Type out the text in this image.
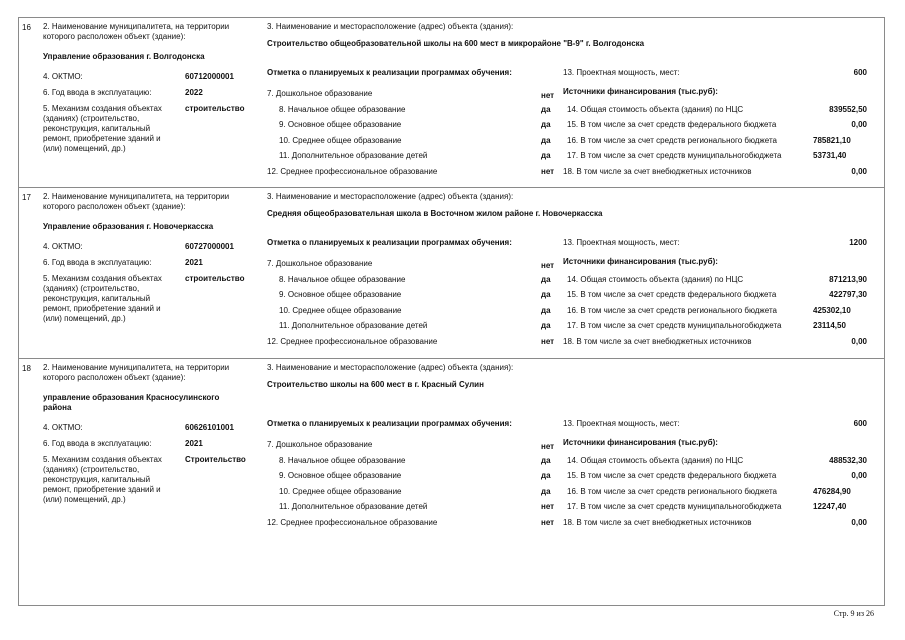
16 2. Наименование муниципалитета, на территории которого расположен объект (здание):
Управление образования г. Волгодонска
4. ОКТМО:	60712000001
6. Год ввода в эксплуатацию:	2022
5. Механизм создания объектах (зданиях) (строительство, реконструкция, капитальный ремонт, приобретение зданий и (или) помещений, др.)
строительство
3. Наименование и месторасположение (адрес) объекта (здания):
Строительство общеобразовательной школы на 600 мест в микрорайоне "В-9" г. Волгодонска
Отметка о планируемых к реализации программах обучения:	13. Проектная мощность, мест:	600
7. Дошкольное образование	нет
8. Начальное общее образование	да
9. Основное общее образование	да
10. Среднее общее образование	да
11. Дополнительное образование детей	да
12. Среднее профессиональное образование	нет
Источники финансирования (тыс.руб):
14. Общая стоимость объекта (здания) по НЦС	839552,50
15. В том числе за счет средств федерального бюджета	0,00
16. В том числе за счет средств регионального бюджета	785821,10
17. В том числе за счет средств муниципальногобюджета	53731,40
18. В том числе за счет внебюджетных источников	0,00
17 2. Наименование муниципалитета, на территории которого расположен объект (здание):
Управление образования г. Новочеркасска
4. ОКТМО:	60727000001
6. Год ввода в эксплуатацию:	2021
5. Механизм создания объектах (зданиях) (строительство, реконструкция, капитальный ремонт, приобретение зданий и (или) помещений, др.)
строительство
3. Наименование и месторасположение (адрес) объекта (здания):
Средняя общеобразовательная школа в Восточном жилом районе г. Новочеркасска
Отметка о планируемых к реализации программах обучения:	13. Проектная мощность, мест:	1200
7. Дошкольное образование	нет
8. Начальное общее образование	да
9. Основное общее образование	да
10. Среднее общее образование	да
11. Дополнительное образование детей	да
12. Среднее профессиональное образование	нет
Источники финансирования (тыс.руб):
14. Общая стоимость объекта (здания) по НЦС	871213,90
15. В том числе за счет средств федерального бюджета	422797,30
16. В том числе за счет средств регионального бюджета	425302,10
17. В том числе за счет средств муниципальногобюджета	23114,50
18. В том числе за счет внебюджетных источников	0,00
18 2. Наименование муниципалитета, на территории которого расположен объект (здание):
управление образования Красносулинского района
4. ОКТМО:	60626101001
6. Год ввода в эксплуатацию:	2021
5. Механизм создания объектах (зданиях) (строительство, реконструкция, капитальный ремонт, приобретение зданий и (или) помещений, др.)
Строительство
3. Наименование и месторасположение (адрес) объекта (здания):
Строительство школы на 600 мест в г. Красный Сулин
Отметка о планируемых к реализации программах обучения:	13. Проектная мощность, мест:	600
7. Дошкольное образование	нет
8. Начальное общее образование	да
9. Основное общее образование	да
10. Среднее общее образование	да
11. Дополнительное образование детей	нет
12. Среднее профессиональное образование	нет
Источники финансирования (тыс.руб):
14. Общая стоимость объекта (здания) по НЦС	488532,30
15. В том числе за счет средств федерального бюджета	0,00
16. В том числе за счет средств регионального бюджета	476284,90
17. В том числе за счет средств муниципальногобюджета	12247,40
18. В том числе за счет внебюджетных источников	0,00
Стр. 9 из 26
